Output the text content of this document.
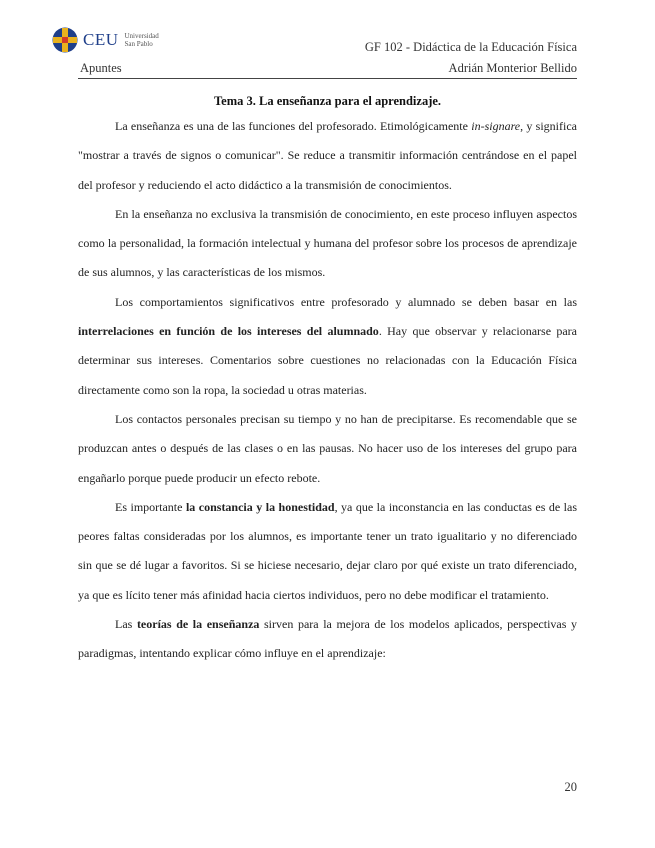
CEU Universidad
San Pablo	GF 102 - Didáctica de la Educación Física
Apuntes	Adrián Monterior Bellido
Tema 3. La enseñanza para el aprendizaje.

La enseñanza es una de las funciones del profesorado. Etimológicamente in-signare, y significa "mostrar a través de signos o comunicar". Se reduce a transmitir información centrándose en el papel del profesor y reduciendo el acto didáctico a la transmisión de conocimientos.

En la enseñanza no exclusiva la transmisión de conocimiento, en este proceso influyen aspectos como la personalidad, la formación intelectual y humana del profesor sobre los procesos de aprendizaje de sus alumnos, y las características de los mismos.

Los comportamientos significativos entre profesorado y alumnado se deben basar en las interrelaciones en función de los intereses del alumnado. Hay que observar y relacionarse para determinar sus intereses. Comentarios sobre cuestiones no relacionadas con la Educación Física directamente como son la ropa, la sociedad u otras materias.

Los contactos personales precisan su tiempo y no han de precipitarse. Es recomendable que se produzcan antes o después de las clases o en las pausas. No hacer uso de los intereses del grupo para engañarlo porque puede producir un efecto rebote.

Es importante la constancia y la honestidad, ya que la inconstancia en las conductas es de las peores faltas consideradas por los alumnos, es importante tener un trato igualitario y no diferenciado sin que se dé lugar a favoritos. Si se hiciese necesario, dejar claro por qué existe un trato diferenciado, ya que es lícito tener más afinidad hacia ciertos individuos, pero no debe modificar el tratamiento.

Las teorías de la enseñanza sirven para la mejora de los modelos aplicados, perspectivas y paradigmas, intentando explicar cómo influye en el aprendizaje:

20
